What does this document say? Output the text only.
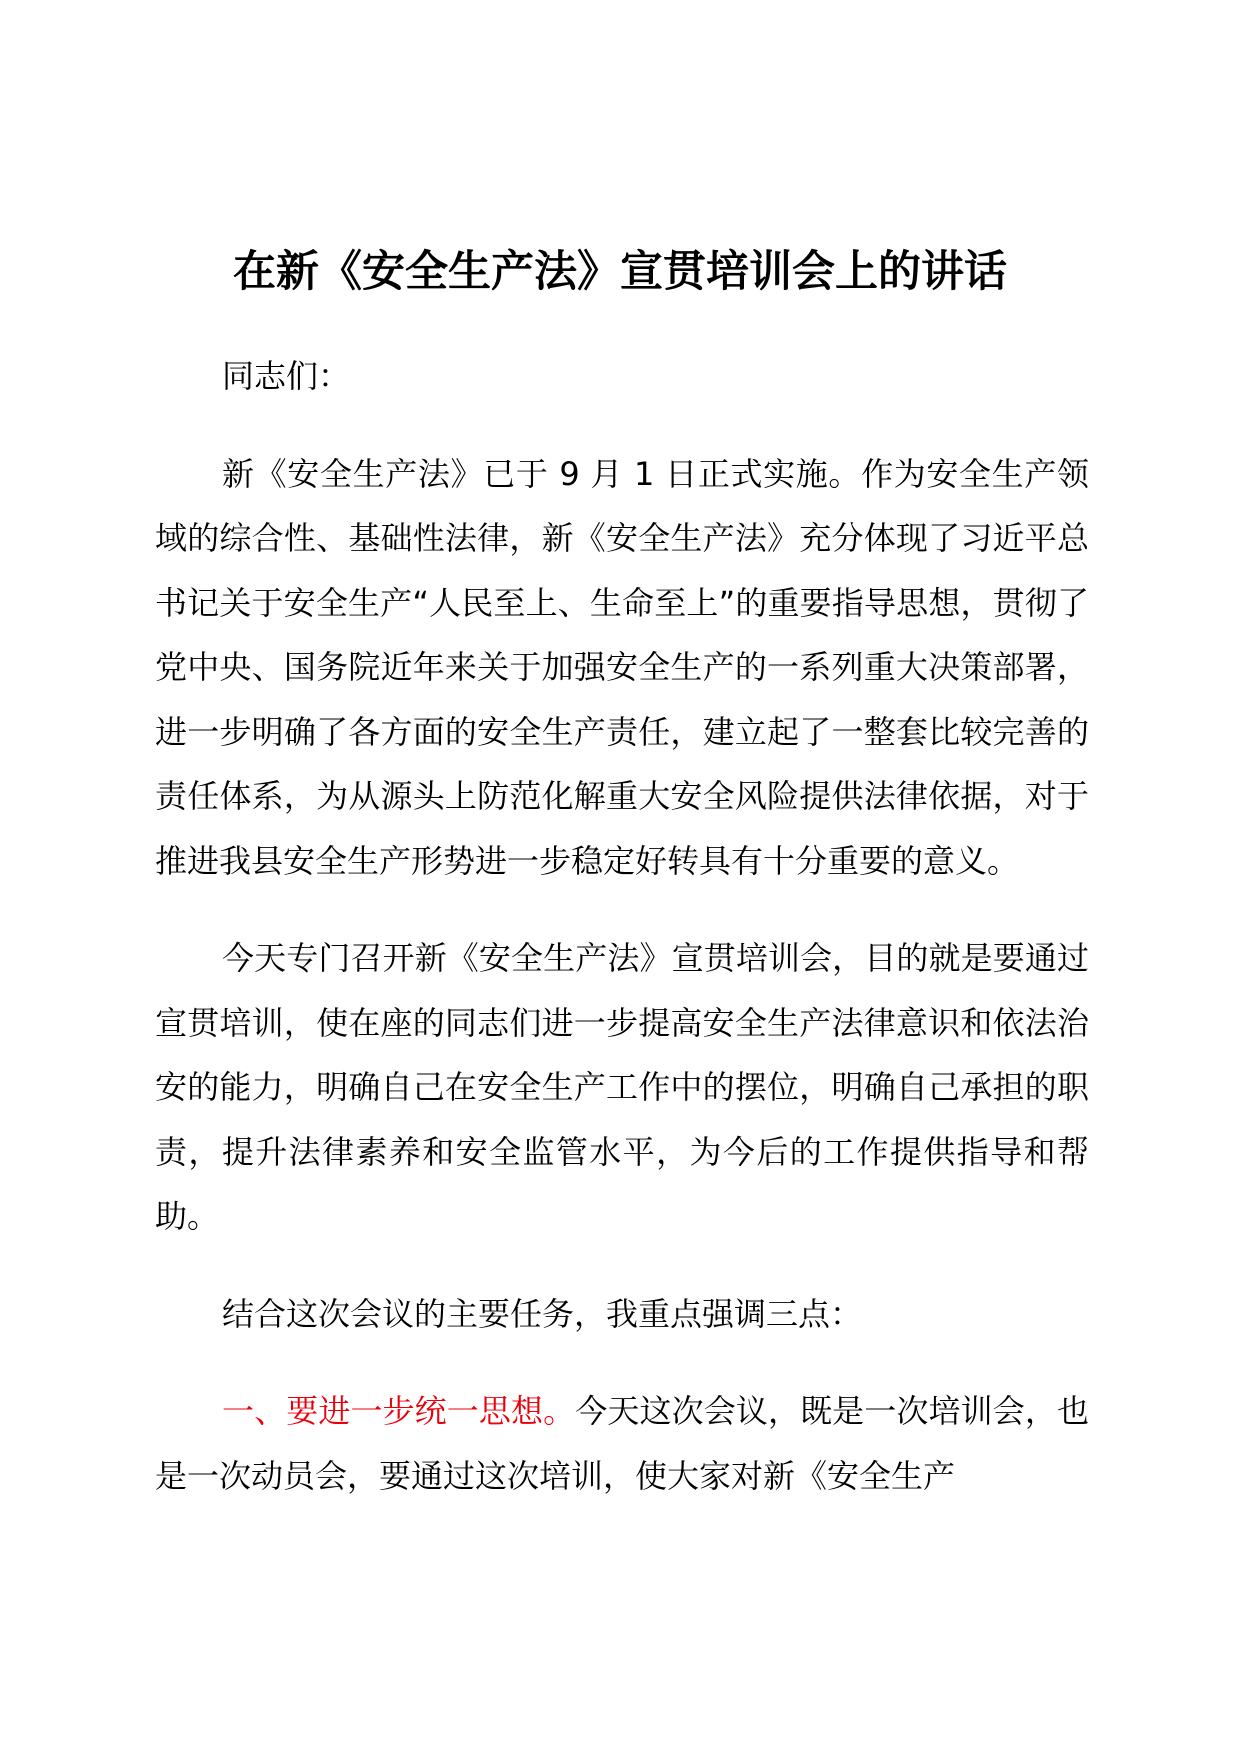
在新《安全生产法》宣贯培训会上的讲话

同志们：

新《安全生产法》已于 9 月 1 日正式实施。作为安全生产领域的综合性、基础性法律，新《安全生产法》充分体现了习近平总书记关于安全生产“人民至上、生命至上”的重要指导思想，贯彻了党中央、国务院近年来关于加强安全生产的一系列重大决策部署，进一步明确了各方面的安全生产责任，建立起了一整套比较完善的责任体系，为从源头上防范化解重大安全风险提供法律依据，对于推进我县安全生产形势进一步稳定好转具有十分重要的意义。

今天专门召开新《安全生产法》宣贯培训会，目的就是要通过宣贯培训，使在座的同志们进一步提高安全生产法律意识和依法治安的能力，明确自己在安全生产工作中的摆位，明确自己承担的职责，提升法律素养和安全监管水平，为今后的工作提供指导和帮助。

结合这次会议的主要任务，我重点强调三点：

一、要进一步统一思想。今天这次会议，既是一次培训会，也是一次动员会，要通过这次培训，使大家对新《安全生产
